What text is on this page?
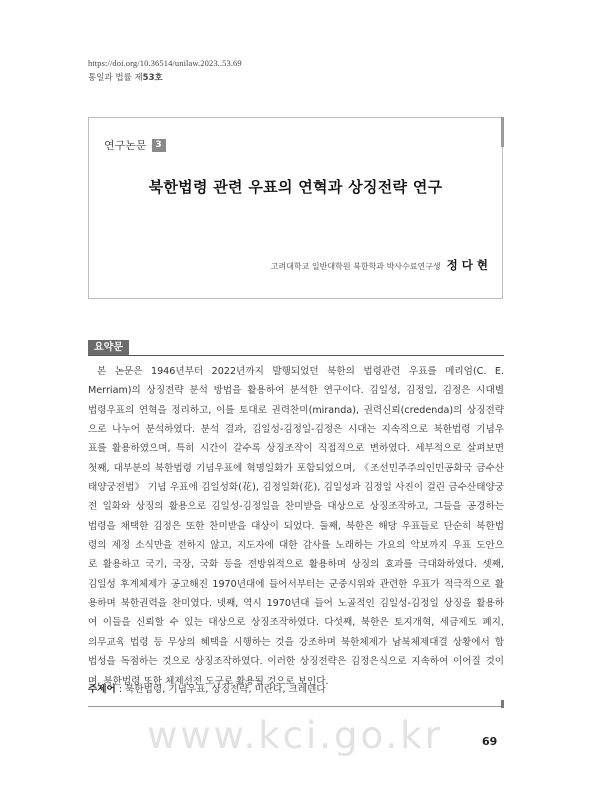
https://doi.org/10.36514/unilaw.2023..53.69
통일과 법률 제53호
연구논문 3
북한법령 관련 우표의 연혁과 상징전략 연구
고려대학교 일반대학원 북한학과 박사수료연구생 정다현
요약문
본 논문은 1946년부터 2022년까지 발행되었던 북한의 법령관련 우표를 메리엄(C. E.
Merriam)의 상징전략 분석 방법을 활용하여 분석한 연구이다. 김일성, 김정일, 김정은 시대별
법령우표의 연혁을 정리하고, 이를 토대로 권력찬미(miranda), 권력신뢰(credenda)의 상징전략
으로 나누어 분석하였다. 분석 결과, 김일성-김정일-김정은 시대는 지속적으로 북한법령 기념우
표를 활용하였으며, 특히 시간이 갈수록 상징조작이 직접적으로 변하였다. 세부적으로 살펴보면
첫째, 대부분의 북한법령 기념우표에 혁명일화가 포함되었으며, 《조선민주주의인민공화국 금수산
태양궁전법》 기념 우표에 김일성화(花), 김정일화(花), 김일성과 김정일 사진이 걸린 금수산태양궁
전 일화와 상징의 활용으로 김일성-김정일을 찬미받을 대상으로 상징조작하고, 그들을 공경하는
법령을 채택한 김정은 또한 찬미받을 대상이 되었다. 둘째, 북한은 해당 우표들로 단순히 북한법
령의 제정 소식만을 전하지 않고, 지도자에 대한 감사를 노래하는 가요의 악보까지 우표 도안으
로 활용하고 국기, 국장, 국화 등을 전방위적으로 활용하며 상징의 효과를 극대화하였다. 셋째,
김일성 후계체제가 공고해진 1970년대에 들어서부터는 군중시위와 관련한 우표가 적극적으로 활
용하며 북한권력을 찬미였다. 넷째, 역시 1970년대 들어 노골적인 김일성-김정일 상징을 활용하
여 이들을 신뢰할 수 있는 대상으로 상징조작하였다. 다섯째, 북한은 토지개혁, 세금제도 폐지,
의무교육 법령 등 무상의 혜택을 시행하는 것을 강조하며 북한체제가 남북체제대결 상황에서 합
법성을 독점하는 것으로 상징조작하였다. 이러한 상징전략은 김정은식으로 지속하여 이어질 것이
며, 북한법령 또한 체제선전 도구로 활용될 것으로 보인다.
주제어 : 북한법령, 기념우표, 상징전략, 미란다, 크레덴다
www.kci.go.kr	69
